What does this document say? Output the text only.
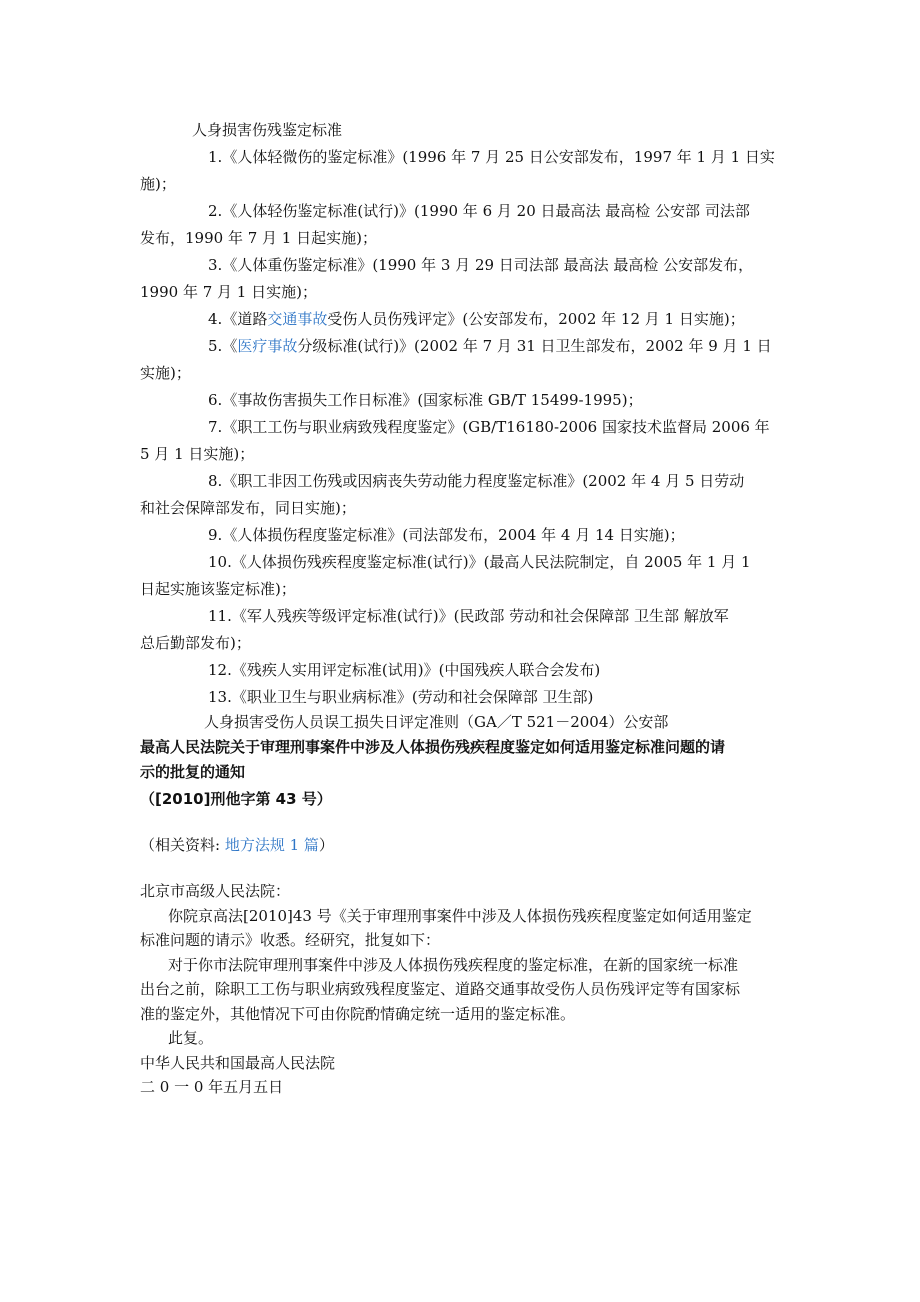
人身损害伤残鉴定标准
1.《人体轻微伤的鉴定标准》(1996 年 7 月 25 日公安部发布，1997 年 1 月 1 日实
施)；
2.《人体轻伤鉴定标准(试行)》(1990 年 6 月 20 日最高法 最高检 公安部 司法部
发布，1990 年 7 月 1 日起实施)；
3.《人体重伤鉴定标准》(1990 年 3 月 29 日司法部 最高法 最高检 公安部发布，
1990 年 7 月 1 日实施)；
4.《道路交通事故受伤人员伤残评定》(公安部发布，2002 年 12 月 1 日实施)；
5.《医疗事故分级标准(试行)》(2002 年 7 月 31 日卫生部发布，2002 年 9 月 1 日
实施)；
6.《事故伤害损失工作日标准》(国家标准 GB/T 15499-1995)；
7.《职工工伤与职业病致残程度鉴定》(GB/T16180-2006 国家技术监督局 2006 年
5 月 1 日实施)；
8.《职工非因工伤残或因病丧失劳动能力程度鉴定标准》(2002 年 4 月 5 日劳动
和社会保障部发布，同日实施)；
9.《人体损伤程度鉴定标准》(司法部发布，2004 年 4 月 14 日实施)；
10.《人体损伤残疾程度鉴定标准(试行)》(最高人民法院制定，自 2005 年 1 月 1
日起实施该鉴定标准)；
11.《军人残疾等级评定标准(试行)》(民政部 劳动和社会保障部 卫生部 解放军
总后勤部发布)；
12.《残疾人实用评定标准(试用)》(中国残疾人联合会发布)
13.《职业卫生与职业病标准》(劳动和社会保障部 卫生部)
人身损害受伤人员误工损失日评定准则（GA／T 521－2004）公安部
最高人民法院关于审理刑事案件中涉及人体损伤残疾程度鉴定如何适用鉴定标准问题的请
示的批复的通知
（[2010]刑他字第 43 号）
（相关资料: 地方法规 1 篇）
北京市高级人民法院：
你院京高法[2010]43 号《关于审理刑事案件中涉及人体损伤残疾程度鉴定如何适用鉴定
标准问题的请示》收悉。经研究，批复如下：
对于你市法院审理刑事案件中涉及人体损伤残疾程度的鉴定标准，在新的国家统一标准
出台之前，除职工工伤与职业病致残程度鉴定、道路交通事故受伤人员伤残评定等有国家标
准的鉴定外，其他情况下可由你院酌情确定统一适用的鉴定标准。
此复。
中华人民共和国最高人民法院
二 0 一 0 年五月五日
